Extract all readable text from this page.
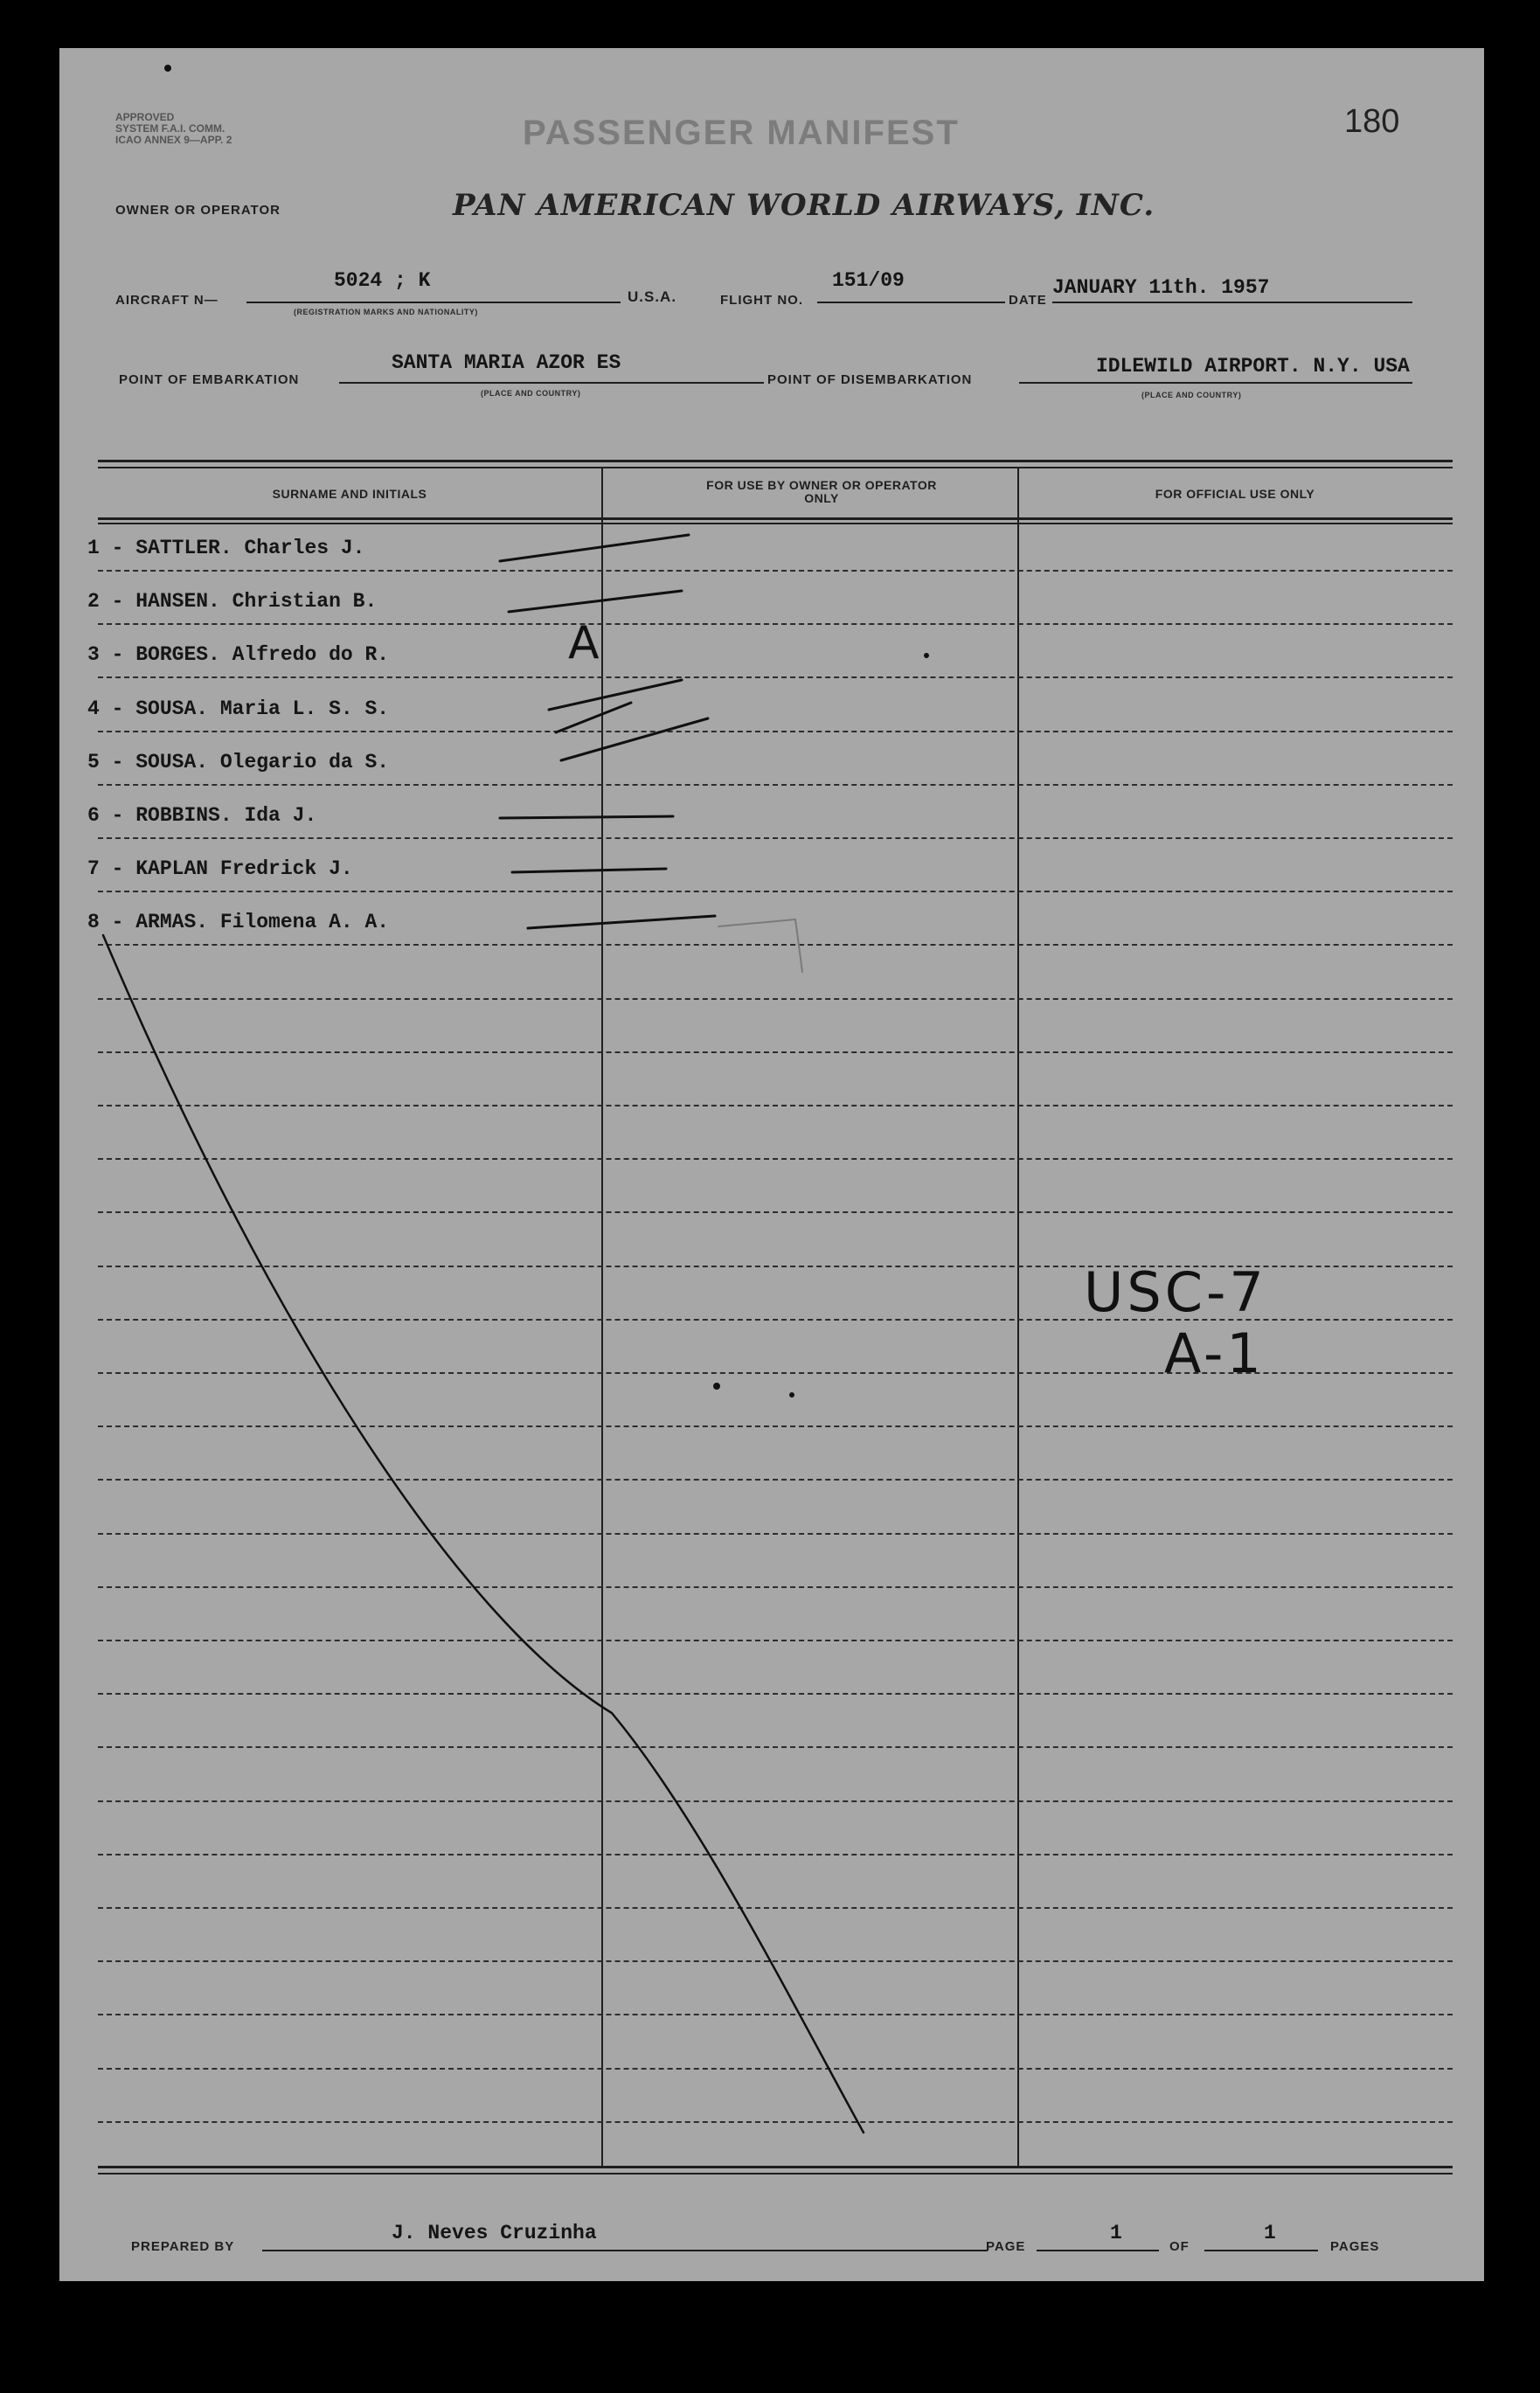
APPROVED
SYSTEM F.A.I. COMM.
ICAO ANNEX 9—APP. 2	PASSENGER MANIFEST	180
OWNER OR OPERATOR	PAN AMERICAN WORLD AIRWAYS, INC.
AIRCRAFT N—
5024 ; K
(REGISTRATION MARKS AND NATIONALITY)
U.S.A.	FLIGHT NO.
151/09
DATE
JANUARY 11th. 1957
POINT OF EMBARKATION
SANTA MARIA AZOR ES
(PLACE AND COUNTRY)
POINT OF DISEMBARKATION
IDLEWILD AIRPORT. N.Y. USA
(PLACE AND COUNTRY)
SURNAME AND INITIALS
FOR USE BY OWNER OR OPERATOR ONLY	FOR OFFICIAL USE ONLY
1 - SATTLER. Charles J.
2 - HANSEN. Christian B.
3 - BORGES. Alfredo do R.
4 - SOUSA. Maria L. S. S.
5 - SOUSA. Olegario da S.
6 - ROBBINS. Ida J.
7 - KAPLAN Fredrick J.
8 - ARMAS. Filomena A. A.
A
USC-7
A-1
PREPARED BY
J. Neves Cruzinha
PAGE
1
OF
1
PAGES
